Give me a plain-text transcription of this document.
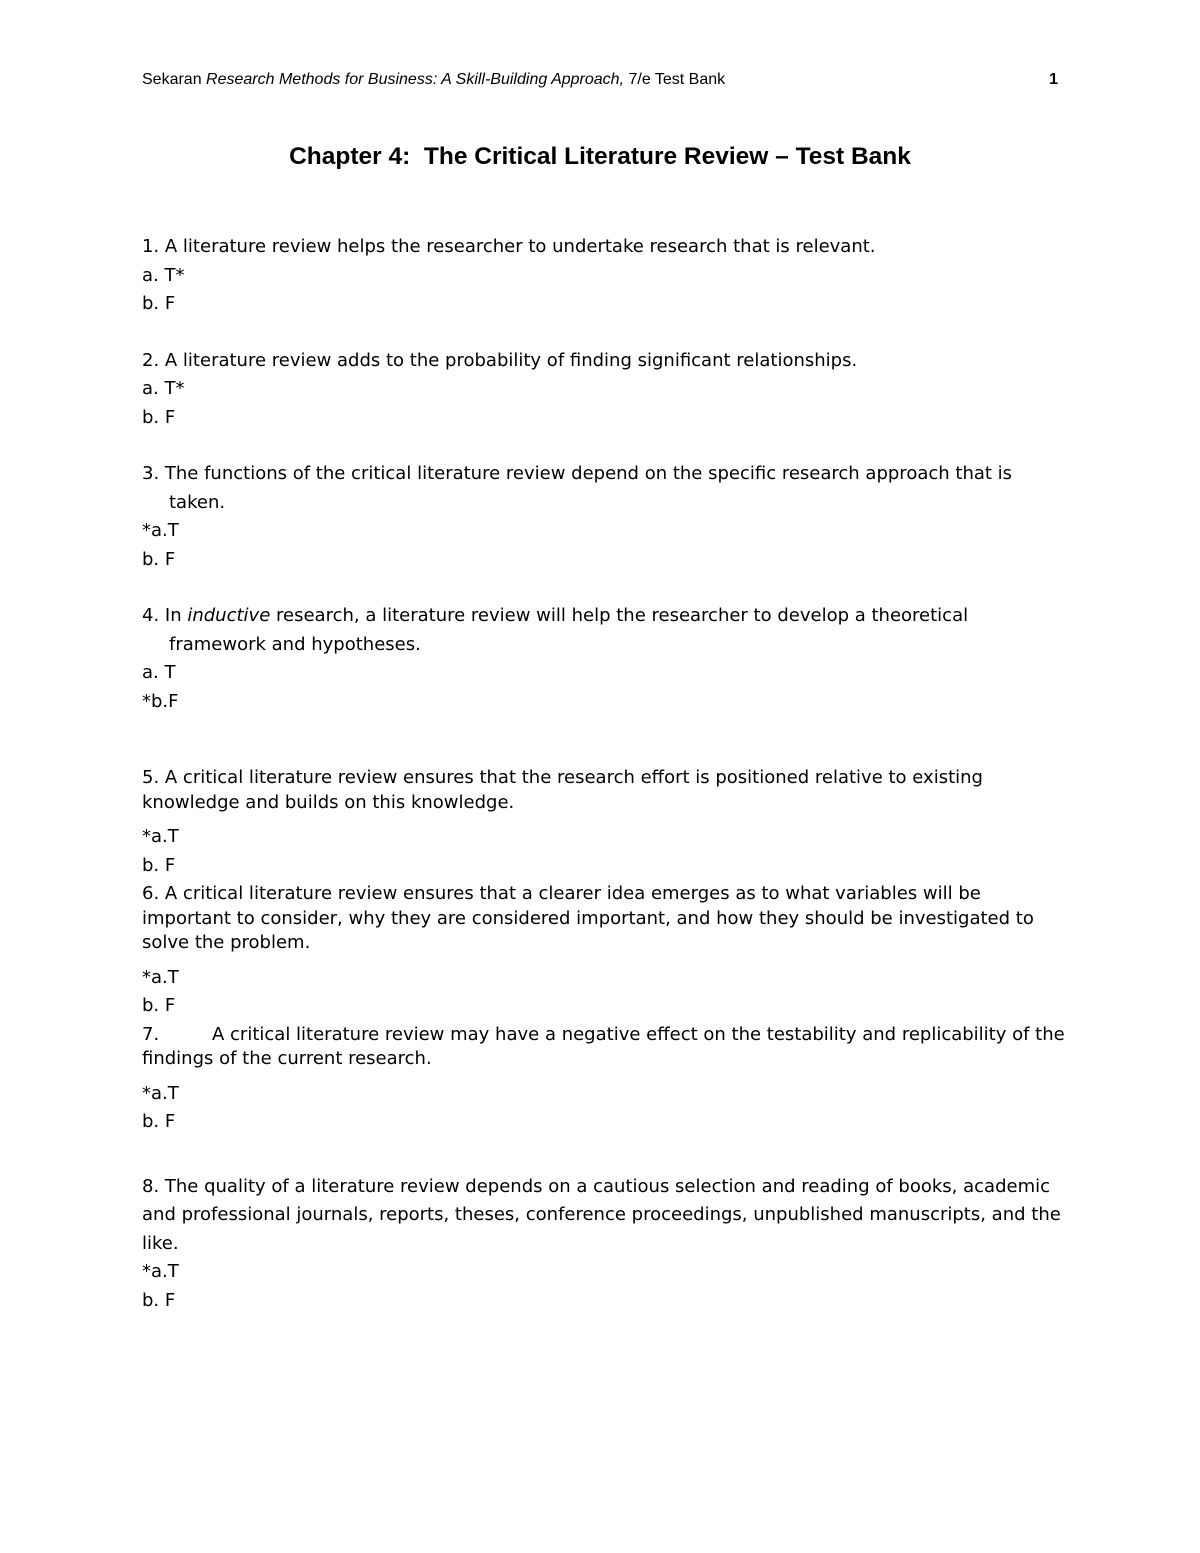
Sekaran Research Methods for Business: A Skill-Building Approach, 7/e Test Bank	1
Chapter 4:  The Critical Literature Review – Test Bank
1. A literature review helps the researcher to undertake research that is relevant.
a. T*
b. F
2. A literature review adds to the probability of finding significant relationships.
a. T*
b. F
3. The functions of the critical literature review depend on the specific research approach that is
taken.
*a.T
b. F
4. In inductive research, a literature review will help the researcher to develop a theoretical
framework and hypotheses.
a. T
*b.F
5. A critical literature review ensures that the research effort is positioned relative to existing knowledge and builds on this knowledge.
*a.T
b. F
6. A critical literature review ensures that a clearer idea emerges as to what variables will be important to consider, why they are considered important, and how they should be investigated to solve the problem.
*a.T
b. F
7.	A critical literature review may have a negative effect on the testability and replicability of the findings of the current research.
*a.T
b. F
8. The quality of a literature review depends on a cautious selection and reading of books, academic and professional journals, reports, theses, conference proceedings, unpublished manuscripts, and the like.
*a.T
b. F
